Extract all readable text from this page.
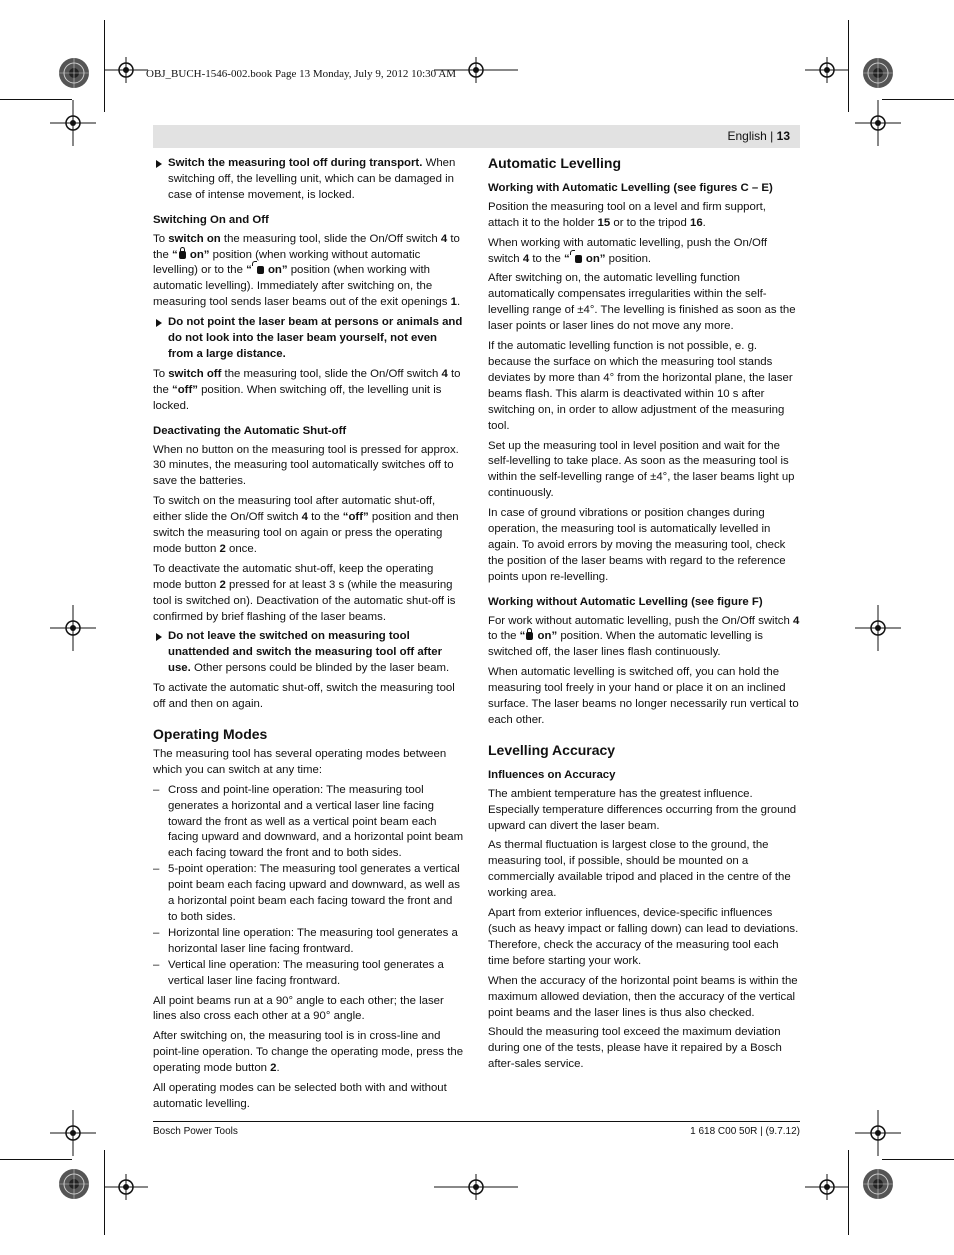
OBJ_BUCH-1546-002.book Page 13 Monday, July 9, 2012 10:30 AM
English | 13
Switch the measuring tool off during transport. When switching off, the levelling unit, which can be damaged in case of intense movement, is locked.
Switching On and Off

To switch on the measuring tool, slide the On/Off switch 4 to the “ on” position (when working without automatic levelling) or to the “ on” position (when working with automatic levelling). Immediately after switching on, the measuring tool sends laser beams out of the exit openings 1.

Do not point the laser beam at persons or animals and do not look into the laser beam yourself, not even from a large distance.

To switch off the measuring tool, slide the On/Off switch 4 to the “off” position. When switching off, the levelling unit is locked.

Deactivating the Automatic Shut-off

When no button on the measuring tool is pressed for approx. 30 minutes, the measuring tool automatically switches off to save the batteries.

To switch on the measuring tool after automatic shut-off, either slide the On/Off switch 4 to the “off” position and then switch the measuring tool on again or press the operating mode button 2 once.

To deactivate the automatic shut-off, keep the operating mode button 2 pressed for at least 3 s (while the measuring tool is switched on). Deactivation of the automatic shut-off is confirmed by brief flashing of the laser beams.

Do not leave the switched on measuring tool unattended and switch the measuring tool off after use. Other persons could be blinded by the laser beam.

To activate the automatic shut-off, switch the measuring tool off and then on again.

Operating Modes

The measuring tool has several operating modes between which you can switch at any time:

– Cross and point-line operation: The measuring tool generates a horizontal and a vertical laser line facing toward the front as well as a vertical point beam each facing upward and downward, and a horizontal point beam each facing toward the front and to both sides.
– 5-point operation: The measuring tool generates a vertical point beam each facing upward and downward, as well as a horizontal point beam each facing toward the front and to both sides.
– Horizontal line operation: The measuring tool generates a horizontal laser line facing frontward.
– Vertical line operation: The measuring tool generates a vertical laser line facing frontward.

All point beams run at a 90° angle to each other; the laser lines also cross each other at a 90° angle.

After switching on, the measuring tool is in cross-line and point-line operation. To change the operating mode, press the operating mode button 2.

All operating modes can be selected both with and without automatic levelling.

Automatic Levelling
Working with Automatic Levelling (see figures C – E)

Position the measuring tool on a level and firm support, attach it to the holder 15 or to the tripod 16.

When working with automatic levelling, push the On/Off switch 4 to the “ on” position.

After switching on, the automatic levelling function automatically compensates irregularities within the self-levelling range of ±4°. The levelling is finished as soon as the laser points or laser lines do not move any more.

If the automatic levelling function is not possible, e. g. because the surface on which the measuring tool stands deviates by more than 4° from the horizontal plane, the laser beams flash. This alarm is deactivated within 10 s after switching on, in order to allow adjustment of the measuring tool.

Set up the measuring tool in level position and wait for the self-levelling to take place. As soon as the measuring tool is within the self-levelling range of ±4°, the laser beams light up continuously.

In case of ground vibrations or position changes during operation, the measuring tool is automatically levelled in again. To avoid errors by moving the measuring tool, check the position of the laser beams with regard to the reference points upon re-levelling.

Working without Automatic Levelling (see figure F)

For work without automatic levelling, push the On/Off switch 4 to the “ on” position. When the automatic levelling is switched off, the laser lines flash continuously.

When automatic levelling is switched off, you can hold the measuring tool freely in your hand or place it on an inclined surface. The laser beams no longer necessarily run vertical to each other.

Levelling Accuracy
Influences on Accuracy

The ambient temperature has the greatest influence. Especially temperature differences occurring from the ground upward can divert the laser beam.

As thermal fluctuation is largest close to the ground, the measuring tool, if possible, should be mounted on a commercially available tripod and placed in the centre of the working area.

Apart from exterior influences, device-specific influences (such as heavy impact or falling down) can lead to deviations. Therefore, check the accuracy of the measuring tool each time before starting your work.

When the accuracy of the horizontal point beams is within the maximum allowed deviation, then the accuracy of the vertical point beams and the laser lines is thus also checked.

Should the measuring tool exceed the maximum deviation during one of the tests, please have it repaired by a Bosch after-sales service.

Bosch Power Tools	1 618 C00 50R | (9.7.12)
